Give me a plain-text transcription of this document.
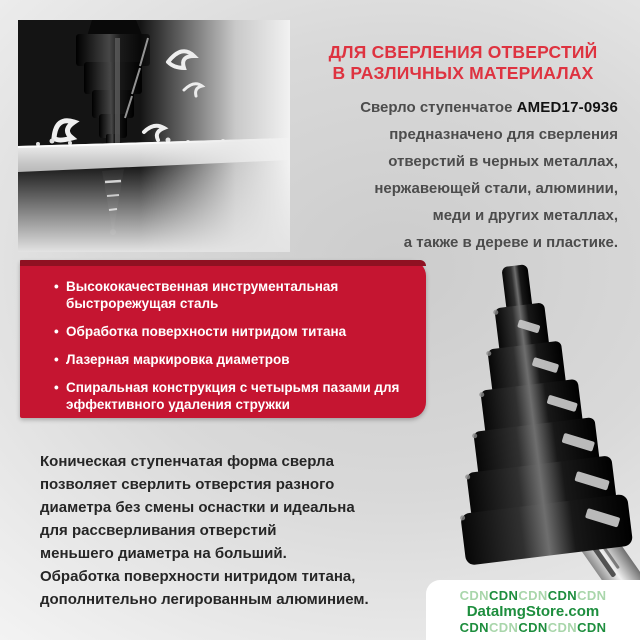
ДЛЯ СВЕРЛЕНИЯ ОТВЕРСТИЙ
В РАЗЛИЧНЫХ МАТЕРИАЛАХ
Сверло ступенчатое AMED17-0936
предназначено для сверления
отверстий в черных металлах,
нержавеющей стали, алюминии,
меди и других металлах,
а также в дереве и пластике.
• Высококачественная инструментальная быстрорежущая сталь
• Обработка поверхности нитридом титана
• Лазерная маркировка диаметров
• Спиральная конструкция с четырьмя пазами для эффективного удаления стружки
Коническая ступенчатая форма сверла
позволяет сверлить отверстия разного
диаметра без смены оснастки и идеальна
для рассверливания отверстий
меньшего диаметра на больший.
Обработка поверхности нитридом титана,
дополнительно легированным алюминием.	CDNCDNCDNCDNCDN
DataImgStore.com
CDNCDNCDNCDNCDN
